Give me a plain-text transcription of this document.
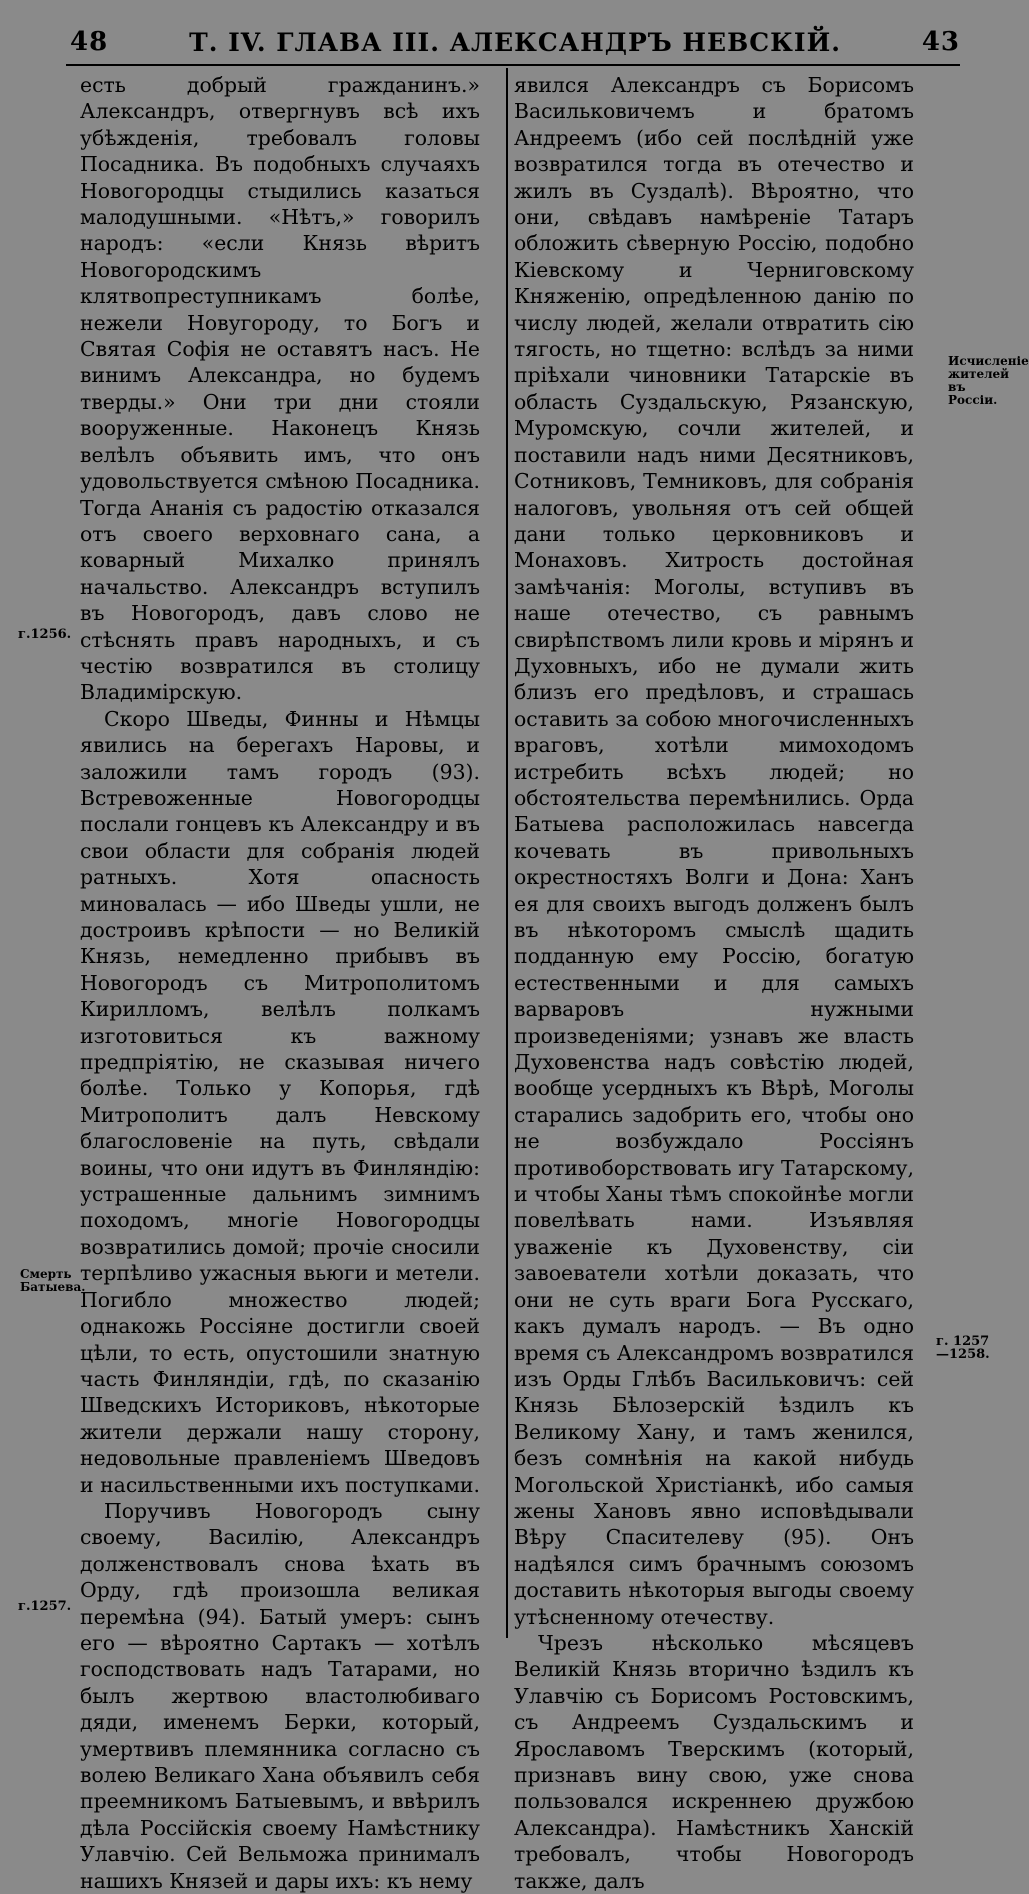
48	Т. IV. ГЛАВА III. АЛЕКСАНДРЪ НЕВСКІЙ.	43

есть добрый гражданинъ.» Александръ, отвергнувъ всѣ ихъ убѣжденія, требовалъ головы Посадника. Въ подобныхъ случаяхъ Новогородцы стыдились казаться малодушными. «Нѣтъ,» говорилъ народъ: «если Князь вѣритъ Новогородскимъ клятвопреступникамъ болѣе, нежели Новугороду, то Богъ и Святая Софія не оставятъ насъ. Не винимъ Александра, но будемъ тверды.» Они три дни стояли вооруженные. Наконецъ Князь велѣлъ объявить имъ, что онъ удовольствуется смѣною Посадника. Тогда Ананія съ радостію отказался отъ своего верховнаго сана, а коварный Михалко принялъ начальство. Александръ вступилъ въ Новогородъ, давъ слово не стѣснять правъ народныхъ, и съ честію возвратился въ столицу Владимірскую.

Скоро Шведы, Финны и Нѣмцы явились на берегахъ Наровы, и заложили тамъ городъ (93). Встревоженные Новогородцы послали гонцевъ къ Александру и въ свои области для собранія людей ратныхъ. Хотя опасность миновалась — ибо Шведы ушли, не достроивъ крѣпости — но Великій Князь, немедленно прибывъ въ Новогородъ съ Митрополитомъ Кирилломъ, велѣлъ полкамъ изготовиться къ важному предпріятію, не сказывая ничего болѣе. Только у Копорья, гдѣ Митрополитъ далъ Невскому благословеніе на путь, свѣдали воины, что они идутъ въ Финляндію: устрашенные дальнимъ зимнимъ походомъ, многіе Новогородцы возвратились домой; прочіе сносили терпѣливо ужасныя вьюги и метели. Погибло множество людей; однакожь Россіяне достигли своей цѣли, то есть, опустошили знатную часть Финляндіи, гдѣ, по сказанію Шведскихъ Историковъ, нѣкоторые жители держали нашу сторону, недовольные правленіемъ Шведовъ и насильственными ихъ поступками.

Поручивъ Новогородъ сыну своему, Василію, Александръ долженствовалъ снова ѣхать въ Орду, гдѣ произошла великая перемѣна (94). Батый умеръ: сынъ его — вѣроятно Сартакъ — хотѣлъ господствовать надъ Татарами, но былъ жертвою властолюбиваго дяди, именемъ Берки, который, умертвивъ племянника согласно съ волею Великаго Хана объявилъ себя преемникомъ Батыевымъ, и ввѣрилъ дѣла Россійскія своему Намѣстнику Улавчію. Сей Вельможа принималъ нашихъ Князей и дары ихъ: къ нему

явился Александръ съ Борисомъ Васильковичемъ и братомъ Андреемъ (ибо сей послѣдній уже возвратился тогда въ отечество и жилъ въ Суздалѣ). Вѣроятно, что они, свѣдавъ намѣреніе Татаръ обложить сѣверную Россію, подобно Кіевскому и Черниговскому Княженію, опредѣленною данію по числу людей, желали отвратить сію тягость, но тщетно: вслѣдъ за ними пріѣхали чиновники Татарскіе въ область Суздальскую, Рязанскую, Муромскую, сочли жителей, и поставили надъ ними Десятниковъ, Сотниковъ, Темниковъ, для собранія налоговъ, увольняя отъ сей общей дани только церковниковъ и Монаховъ. Хитрость достойная замѣчанія: Моголы, вступивъ въ наше отечество, съ равнымъ свирѣпствомъ лили кровь и мірянъ и Духовныхъ, ибо не думали жить близъ его предѣловъ, и страшась оставить за собою многочисленныхъ враговъ, хотѣли мимоходомъ истребить всѣхъ людей; но обстоятельства перемѣнились. Орда Батыева расположилась навсегда кочевать въ привольныхъ окрестностяхъ Волги и Дона: Ханъ ея для своихъ выгодъ долженъ былъ въ нѣкоторомъ смыслѣ щадить подданную ему Россію, богатую естественными и для самыхъ варваровъ нужными произведеніями; узнавъ же власть Духовенства надъ совѣстію людей, вообще усердныхъ къ Вѣрѣ, Моголы старались задобрить его, чтобы оно не возбуждало Россіянъ противоборствовать игу Татарскому, и чтобы Ханы тѣмъ спокойнѣе могли повелѣвать нами. Изъявляя уваженіе къ Духовенству, сіи завоеватели хотѣли доказать, что они не суть враги Бога Русскаго, какъ думалъ народъ. — Въ одно время съ Александромъ возвратился изъ Орды Глѣбъ Васильковичъ: сей Князь Бѣлозерскій ѣздилъ къ Великому Хану, и тамъ женился, безъ сомнѣнія на какой нибудь Могольской Христіанкѣ, ибо самыя жены Хановъ явно исповѣдывали Вѣру Спасителеву (95). Онъ надѣялся симъ брачнымъ союзомъ доставить нѣкоторыя выгоды своему утѣсненному отечеству.

Чрезъ нѣсколько мѣсяцевъ Великій Князь вторично ѣздилъ къ Улавчію съ Борисомъ Ростовскимъ, съ Андреемъ Суздальскимъ и Ярославомъ Тверскимъ (который, признавъ вину свою, уже снова пользовался искреннею дружбою Александра). Намѣстникъ Ханскій требовалъ, чтобы Новогородъ также, далъ

г.1256.
Смерть Батыева.
г.1257.
Исчисленіе жителей въ Россіи.
г. 1257 —1258.
